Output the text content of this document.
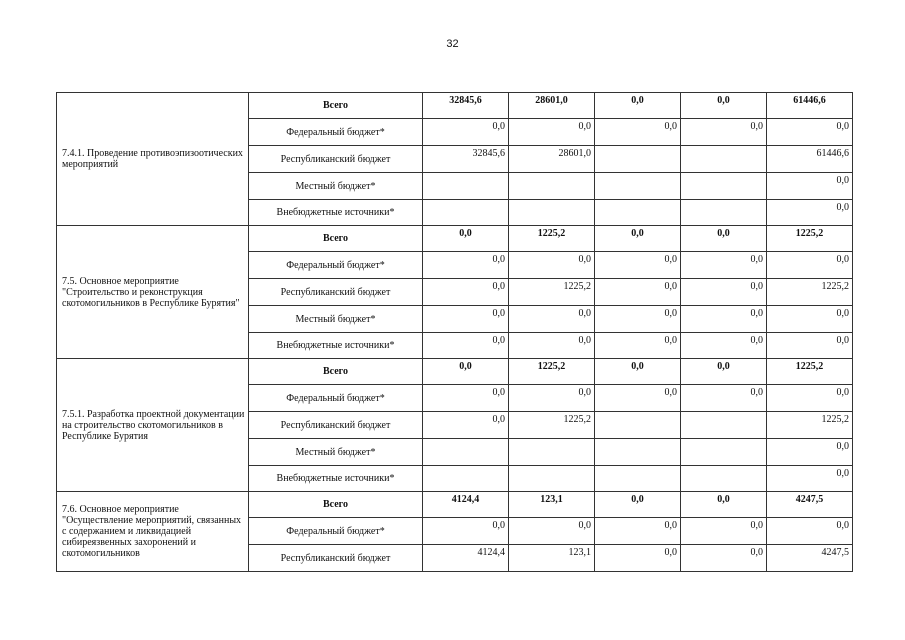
32
7.4.1. Проведение противоэпизоотических мероприятий	Всего	32845,6	28601,0	0,0	0,0	61446,6
	Федеральный бюджет*	0,0	0,0	0,0	0,0	0,0
	Республиканский бюджет	32845,6	28601,0			61446,6
	Местный бюджет*					0,0
	Внебюджетные источники*					0,0
7.5. Основное мероприятие "Строительство и реконструкция скотомогильников в Республике Бурятия"	Всего	0,0	1225,2	0,0	0,0	1225,2
	Федеральный бюджет*	0,0	0,0	0,0	0,0	0,0
	Республиканский бюджет	0,0	1225,2	0,0	0,0	1225,2
	Местный бюджет*	0,0	0,0	0,0	0,0	0,0
	Внебюджетные источники*	0,0	0,0	0,0	0,0	0,0
7.5.1. Разработка проектной документации на строительство скотомогильников в Республике Бурятия	Всего	0,0	1225,2	0,0	0,0	1225,2
	Федеральный бюджет*	0,0	0,0	0,0	0,0	0,0
	Республиканский бюджет	0,0	1225,2			1225,2
	Местный бюджет*					0,0
	Внебюджетные источники*					0,0
7.6. Основное мероприятие "Осуществление мероприятий, связанных с содержанием и ликвидацией сибиреязвенных захоронений и скотомогильников	Всего	4124,4	123,1	0,0	0,0	4247,5
	Федеральный бюджет*	0,0	0,0	0,0	0,0	0,0
	Республиканский бюджет	4124,4	123,1	0,0	0,0	4247,5
